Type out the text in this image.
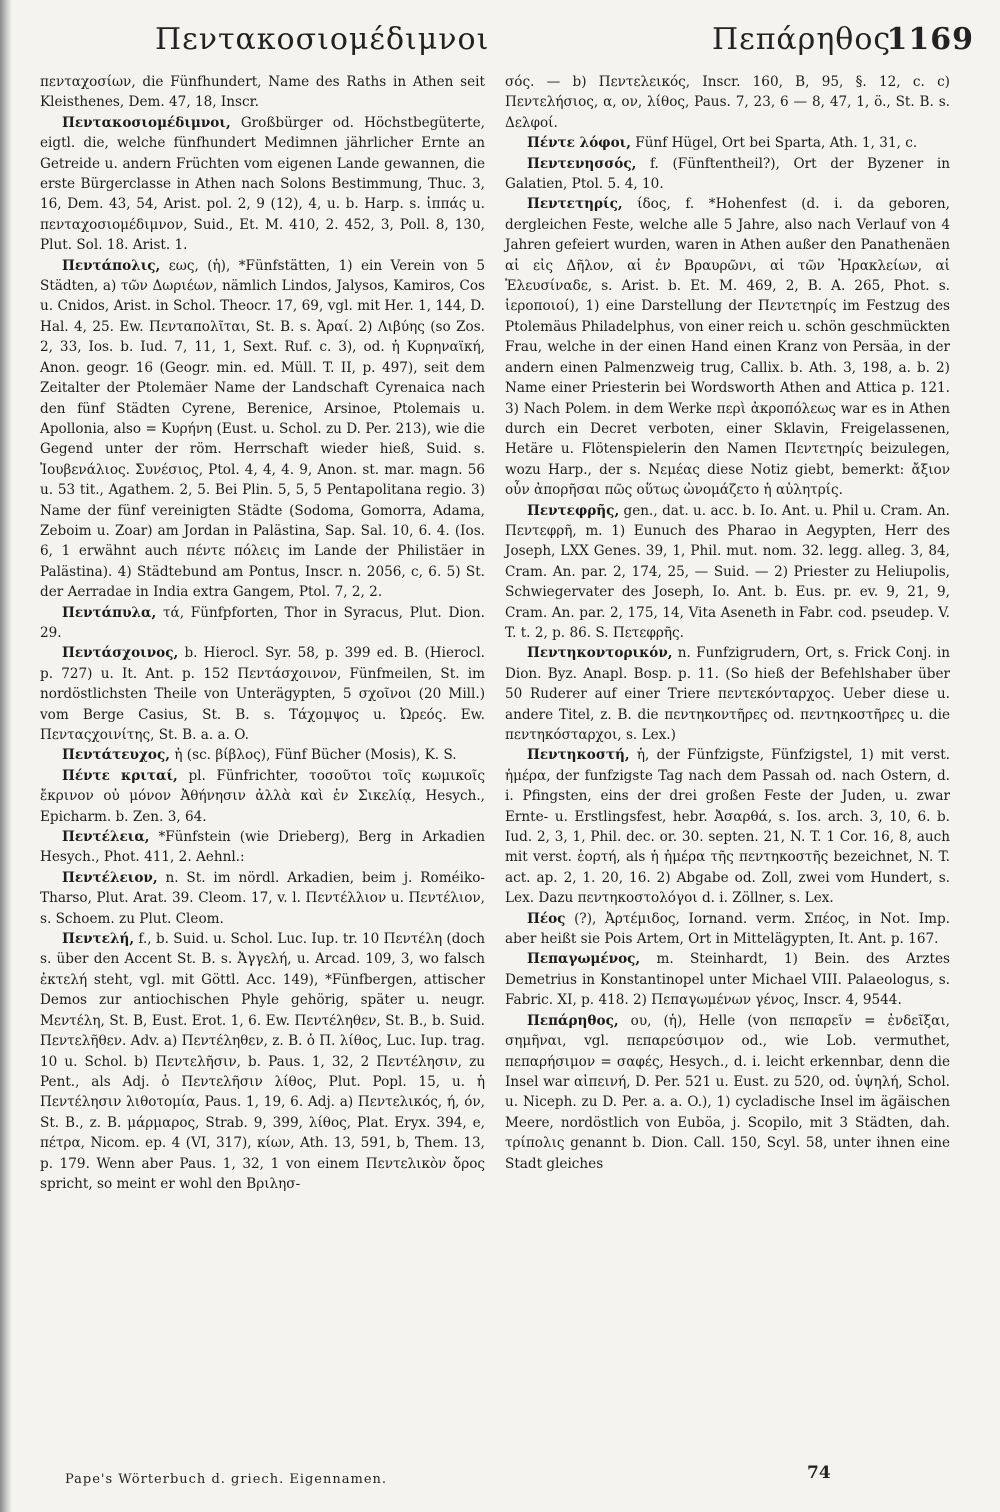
Πεντακοσιομέδιμνοι	Πεπάρηθος
1169

πενταχοσίων, die Fünfhundert, Name des Raths in Athen seit Kleisthenes, Dem. 47, 18, Inscr.

Πεντακοσιομέδιμνοι, Großbürger od. Höchstbegüterte, eigtl. die, welche fünfhundert Medimnen jährlicher Ernte an Getreide u. andern Früchten vom eigenen Lande gewannen, die erste Bürgerclasse in Athen nach Solons Bestimmung, Thuc. 3, 16, Dem. 43, 54, Arist. pol. 2, 9 (12), 4, u. b. Harp. s. ἱππάς u. πενταχοσιομέδιμνον, Suid., Et. M. 410, 2. 452, 3, Poll. 8, 130, Plut. Sol. 18. Arist. 1.

Πεντάπολις, εως, (ἡ), *Fünfstätten, 1) ein Verein von 5 Städten, a) τῶν Δωριέων, nämlich Lindos, Jalysos, Kamiros, Cos u. Cnidos, Arist. in Schol. Theocr. 17, 69, vgl. mit Her. 1, 144, D. Hal. 4, 25. Ew. Πενταπολῖται, St. B. s. Ἀραί. 2) Λιβύης (so Zos. 2, 33, Ios. b. Iud. 7, 11, 1, Sext. Ruf. c. 3), od. ἡ Κυρηναϊκή, Anon. geogr. 16 (Geogr. min. ed. Müll. T. II, p. 497), seit dem Zeitalter der Ptolemäer Name der Landschaft Cyrenaica nach den fünf Städten Cyrene, Berenice, Arsinoe, Ptolemais u. Apollonia, also = Κυρήνη (Eust. u. Schol. zu D. Per. 213), wie die Gegend unter der röm. Herrschaft wieder hieß, Suid. s. Ἰουβενάλιος. Συνέσιος, Ptol. 4, 4, 4. 9, Anon. st. mar. magn. 56 u. 53 tit., Agathem. 2, 5. Bei Plin. 5, 5, 5 Pentapolitana regio. 3) Name der fünf vereinigten Städte (Sodoma, Gomorra, Adama, Zeboim u. Zoar) am Jordan in Palästina, Sap. Sal. 10, 6. 4. (Ios. 6, 1 erwähnt auch πέντε πόλεις im Lande der Philistäer in Palästina). 4) Städtebund am Pontus, Inscr. n. 2056, c, 6. 5) St. der Aerradae in India extra Gangem, Ptol. 7, 2, 2.

Πεντάπυλα, τά, Fünfpforten, Thor in Syracus, Plut. Dion. 29.

Πεντάσχοινος, b. Hierocl. Syr. 58, p. 399 ed. B. (Hierocl. p. 727) u. It. Ant. p. 152 Πεντάσχοινον, Fünfmeilen, St. im nordöstlichsten Theile von Unterägypten, 5 σχοῖνοι (20 Mill.) vom Berge Casius, St. B. s. Τάχομψος u. Ὠρεός. Ew. Πενταςχοινίτης, St. B. a. a. O.

Πεντάτευχος, ἡ (sc. βίβλος), Fünf Bücher (Mosis), K. S.

Πέντε κριταί, pl. Fünfrichter, τοσοῦτοι τοῖς κωμικοῖς ἔκρινον οὐ μόνον Ἀθήνησιν ἀλλὰ καὶ ἐν Σικελίᾳ, Hesych., Epicharm. b. Zen. 3, 64.

Πεντέλεια, *Fünfstein (wie Drieberg), Berg in Arkadien Hesych., Phot. 411, 2. Aehnl.:

Πεντέλειον, n. St. im nördl. Arkadien, beim j. Roméiko-Tharso, Plut. Arat. 39. Cleom. 17, v. l. Πεντέλλιον u. Πεντέλιον, s. Schoem. zu Plut. Cleom.

Πεντελή, f., b. Suid. u. Schol. Luc. Iup. tr. 10 Πεντέλη (doch s. über den Accent St. B. s. Ἀγγελή, u. Arcad. 109, 3, wo falsch ἐκτελή steht, vgl. mit Göttl. Acc. 149), *Fünfbergen, attischer Demos zur antiochischen Phyle gehörig, später u. neugr. Μεντέλη, St. B, Eust. Erot. 1, 6. Ew. Πεντέληθεν, St. B., b. Suid. Πεντελῆθεν. Adv. a) Πεντέληθεν, z. B. ὁ Π. λίθος, Luc. Iup. trag. 10 u. Schol. b) Πεντελῆσιν, b. Paus. 1, 32, 2 Πεντέλησιν, zu Pent., als Adj. ὁ Πεντελῆσιν λίθος, Plut. Popl. 15, u. ἡ Πεντέλησιν λιθοτομία, Paus. 1, 19, 6. Adj. a) Πεντελικός, ή, όν, St. B., z. B. μάρμαρος, Strab. 9, 399, λίθος, Plat. Eryx. 394, e, πέτρα, Nicom. ep. 4 (VI, 317), κίων, Ath. 13, 591, b, Them. 13, p. 179. Wenn aber Paus. 1, 32, 1 von einem Πεντελικὸν ὄρος spricht, so meint er wohl den Βριλησ-

σός. — b) Πεντελεικός, Inscr. 160, B, 95, §. 12, c. c) Πεντελήσιος, α, ον, λίθος, Paus. 7, 23, 6 — 8, 47, 1, ö., St. B. s. Δελφοί.

Πέντε λόφοι, Fünf Hügel, Ort bei Sparta, Ath. 1, 31, c.

Πεντενησσός, f. (Fünftentheil?), Ort der Byzener in Galatien, Ptol. 5. 4, 10.

Πεντετηρίς, ίδος, f. *Hohenfest (d. i. da geboren, dergleichen Feste, welche alle 5 Jahre, also nach Verlauf von 4 Jahren gefeiert wurden, waren in Athen außer den Panathenäen αἱ εἰς Δῆλον, αἱ ἐν Βραυρῶνι, αἱ τῶν Ἡρακλείων, αἱ Ἐλευσίναδε, s. Arist. b. Et. M. 469, 2, B. A. 265, Phot. s. ἱεροποιοί), 1) eine Darstellung der Πεντετηρίς im Festzug des Ptolemäus Philadelphus, von einer reich u. schön geschmückten Frau, welche in der einen Hand einen Kranz von Persäa, in der andern einen Palmenzweig trug, Callix. b. Ath. 3, 198, a. b. 2) Name einer Priesterin bei Wordsworth Athen and Attica p. 121. 3) Nach Polem. in dem Werke περὶ ἀκροπόλεως war es in Athen durch ein Decret verboten, einer Sklavin, Freigelassenen, Hetäre u. Flötenspielerin den Namen Πεντετηρίς beizulegen, wozu Harp., der s. Νεμέας diese Notiz giebt, bemerkt: ἄξιον οὖν ἀπορῆσαι πῶς οὕτως ὠνομάζετο ἡ αὐλητρίς.

Πεντεφρῆς, gen., dat. u. acc. b. Io. Ant. u. Phil u. Cram. An. Πεντεφρῆ, m. 1) Eunuch des Pharao in Aegypten, Herr des Joseph, LXX Genes. 39, 1, Phil. mut. nom. 32. legg. alleg. 3, 84, Cram. An. par. 2, 174, 25, — Suid. — 2) Priester zu Heliupolis, Schwiegervater des Joseph, Io. Ant. b. Eus. pr. ev. 9, 21, 9, Cram. An. par. 2, 175, 14, Vita Aseneth in Fabr. cod. pseudep. V. T. t. 2, p. 86. S. Πετεφρῆς.

Πεντηκοντορικόν, n. Funfzigrudern, Ort, s. Frick Conj. in Dion. Byz. Anapl. Bosp. p. 11. (So hieß der Befehlshaber über 50 Ruderer auf einer Triere πεντεκόνταρχος. Ueber diese u. andere Titel, z. B. die πεντηκοντῆρες od. πεντηκοστῆρες u. die πεντηκόσταρχοι, s. Lex.)

Πεντηκοστή, ἡ, der Fünfzigste, Fünfzigstel, 1) mit verst. ἡμέρα, der funfzigste Tag nach dem Passah od. nach Ostern, d. i. Pfingsten, eins der drei großen Feste der Juden, u. zwar Ernte- u. Erstlingsfest, hebr. Ἀσαρθά, s. Ios. arch. 3, 10, 6. b. Iud. 2, 3, 1, Phil. dec. or. 30. septen. 21, N. T. 1 Cor. 16, 8, auch mit verst. ἑορτή, als ἡ ἡμέρα τῆς πεντηκοστῆς bezeichnet, N. T. act. ap. 2, 1. 20, 16. 2) Abgabe od. Zoll, zwei vom Hundert, s. Lex. Dazu πεντηκοστολόγοι d. i. Zöllner, s. Lex.

Πέος (?), Ἀρτέμιδος, Iornand. verm. Σπέος, in Not. Imp. aber heißt sie Pois Artem, Ort in Mittelägypten, It. Ant. p. 167.

Πεπαγωμένος, m. Steinhardt, 1) Bein. des Arztes Demetrius in Konstantinopel unter Michael VIII. Palaeologus, s. Fabric. XI, p. 418. 2) Πεπαγωμένων γένος, Inscr. 4, 9544.

Πεπάρηθος, ου, (ἡ), Helle (von πεπαρεῖν = ἐνδεῖξαι, σημῆναι, vgl. πεπαρεύσιμον od., wie Lob. vermuthet, πεπαρήσιμον = σαφές, Hesych., d. i. leicht erkennbar, denn die Insel war αἰπεινή, D. Per. 521 u. Eust. zu 520, od. ὑψηλή, Schol. u. Niceph. zu D. Per. a. a. O.), 1) cycladische Insel im ägäischen Meere, nordöstlich von Euböa, j. Scopilo, mit 3 Städten, dah. τρίπολις genannt b. Dion. Call. 150, Scyl. 58, unter ihnen eine Stadt gleiches

Pape's Wörterbuch d. griech. Eigennamen.	74
